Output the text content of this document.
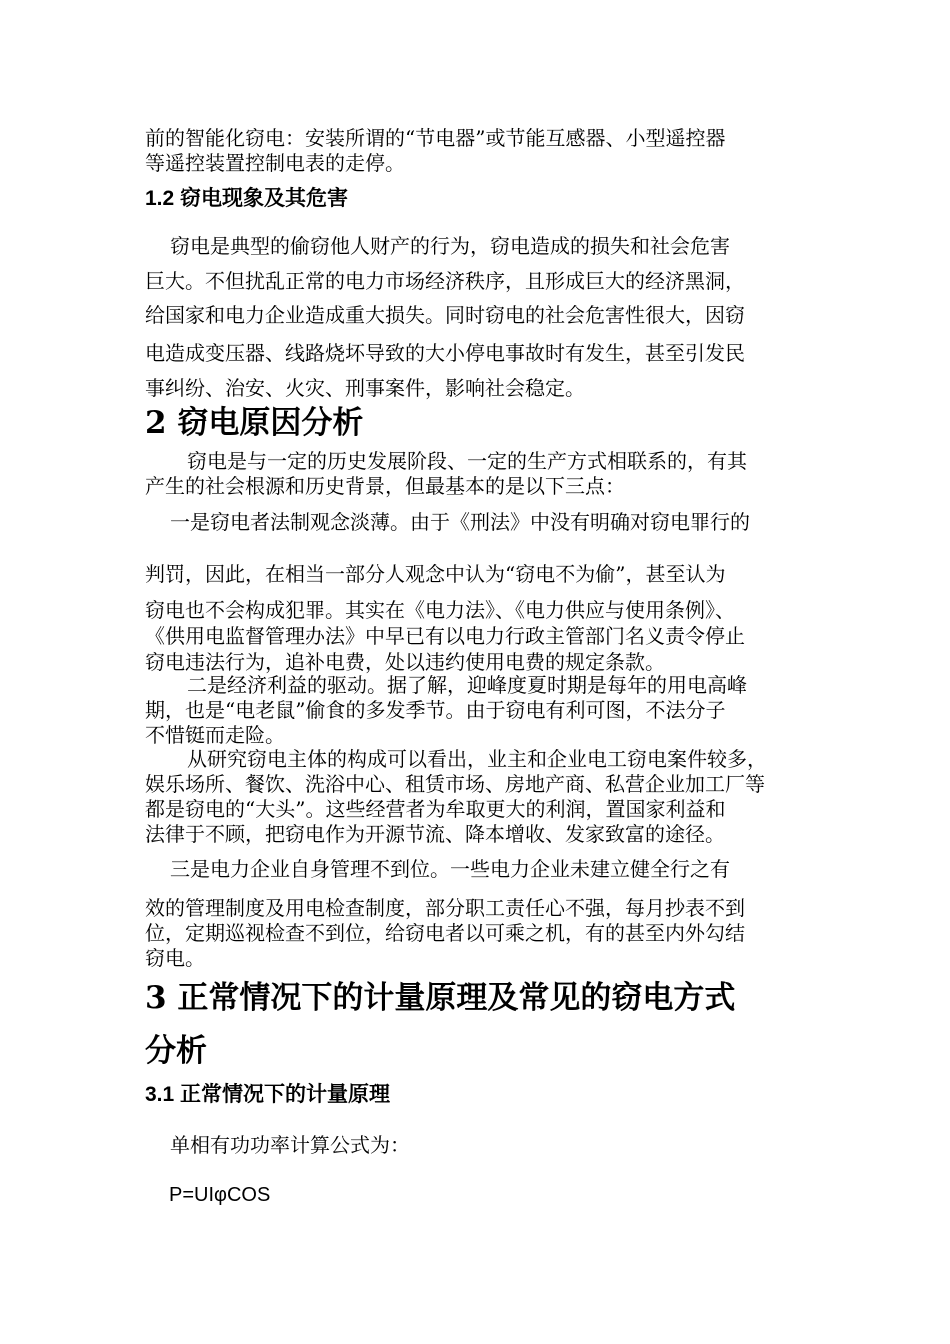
前的智能化窃电：安装所谓的“节电器”或节能互感器、小型遥控器
等遥控装置控制电表的走停。
1.2 窃电现象及其危害
窃电是典型的偷窃他人财产的行为，窃电造成的损失和社会危害
巨大。不但扰乱正常的电力市场经济秩序，且形成巨大的经济黑洞，
给国家和电力企业造成重大损失。同时窃电的社会危害性很大，因窃
电造成变压器、线路烧坏导致的大小停电事故时有发生，甚至引发民
事纠纷、治安、火灾、刑事案件，影响社会稳定。
2 窃电原因分析
窃电是与一定的历史发展阶段、一定的生产方式相联系的，有其
产生的社会根源和历史背景，但最基本的是以下三点：
一是窃电者法制观念淡薄。由于《刑法》中没有明确对窃电罪行的
判罚，因此，在相当一部分人观念中认为“窃电不为偷”，甚至认为
窃电也不会构成犯罪。其实在《电力法》、《电力供应与使用条例》、
《供用电监督管理办法》中早已有以电力行政主管部门名义责令停止
窃电违法行为，追补电费，处以违约使用电费的规定条款。
二是经济利益的驱动。据了解，迎峰度夏时期是每年的用电高峰
期，也是“电老鼠”偷食的多发季节。由于窃电有利可图，不法分子
不惜铤而走险。
从研究窃电主体的构成可以看出，业主和企业电工窃电案件较多，
娱乐场所、餐饮、洗浴中心、租赁市场、房地产商、私营企业加工厂等
都是窃电的“大头”。这些经营者为牟取更大的利润，置国家利益和
法律于不顾，把窃电作为开源节流、降本增收、发家致富的途径。
三是电力企业自身管理不到位。一些电力企业未建立健全行之有
效的管理制度及用电检查制度，部分职工责任心不强，每月抄表不到
位，定期巡视检查不到位，给窃电者以可乘之机，有的甚至内外勾结
窃电。
3 正常情况下的计量原理及常见的窃电方式
分析
3.1 正常情况下的计量原理

单相有功功率计算公式为：

P=UIφCOS
